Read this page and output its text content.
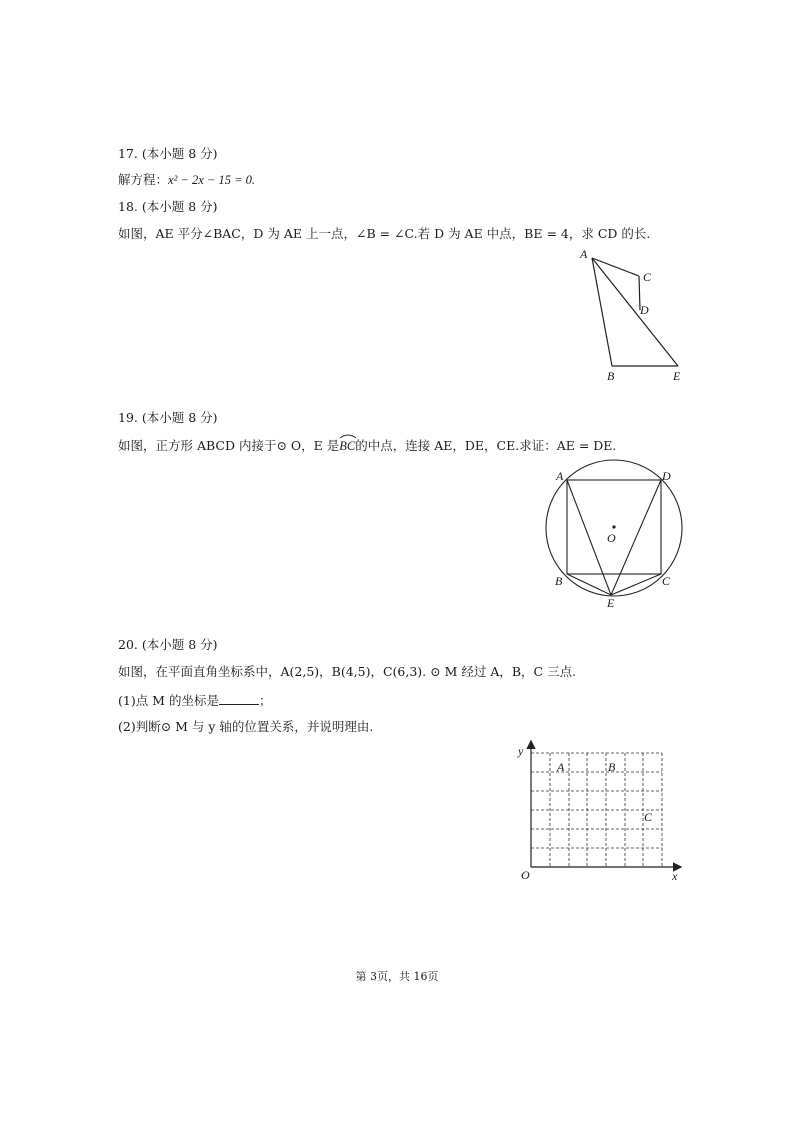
17. (本小题 8 分)
解方程：x² − 2x − 15 = 0.
18. (本小题 8 分)
如图，AE 平分∠BAC，D 为 AE 上一点，∠B = ∠C.若 D 为 AE 中点，BE = 4，求 CD 的长.
A
C
D
B	E
19. (本小题 8 分)
如图，正方形 ABCD 内接于⊙ O，E 是BC
的中点，连接 AE，DE，CE.求证：AE = DE.
A	D
O
B	C
E
20. (本小题 8 分)
如图，在平面直角坐标系中，A(2,5)，B(4,5)，C(6,3). ⊙ M 经过 A，B，C 三点.
(1)点 M 的坐标是	；
(2)判断⊙ M 与 y 轴的位置关系，并说明理由.
y
x
O
A	B
C
第 3页，共 16页
